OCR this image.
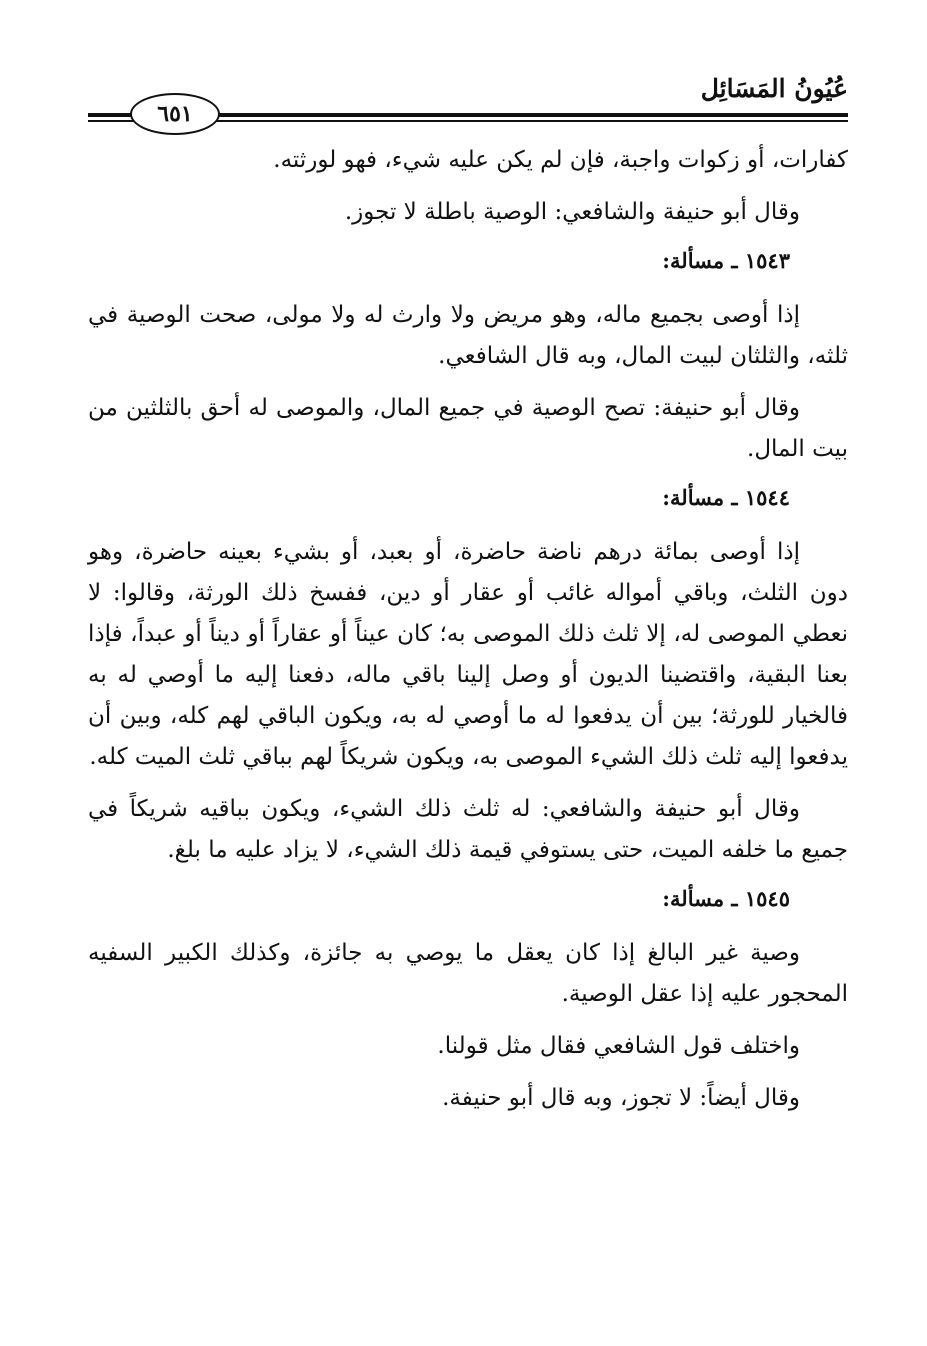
عُيُونُ المَسَائِل
٦٥١

كفارات، أو زكوات واجبة، فإن لم يكن عليه شيء، فهو لورثته.

وقال أبو حنيفة والشافعي: الوصية باطلة لا تجوز.

١٥٤٣ ـ مسألة:

إذا أوصى بجميع ماله، وهو مريض ولا وارث له ولا مولى، صحت الوصية في ثلثه، والثلثان لبيت المال، وبه قال الشافعي.

وقال أبو حنيفة: تصح الوصية في جميع المال، والموصى له أحق بالثلثين من بيت المال.

١٥٤٤ ـ مسألة:

إذا أوصى بمائة درهم ناضة حاضرة، أو بعبد، أو بشيء بعينه حاضرة، وهو دون الثلث، وباقي أمواله غائب أو عقار أو دين، ففسخ ذلك الورثة، وقالوا: لا نعطي الموصى له، إلا ثلث ذلك الموصى به؛ كان عيناً أو عقاراً أو ديناً أو عبداً، فإذا بعنا البقية، واقتضينا الديون أو وصل إلينا باقي ماله، دفعنا إليه ما أوصي له به فالخيار للورثة؛ بين أن يدفعوا له ما أوصي له به، ويكون الباقي لهم كله، وبين أن يدفعوا إليه ثلث ذلك الشيء الموصى به، ويكون شريكاً لهم بباقي ثلث الميت كله.

وقال أبو حنيفة والشافعي: له ثلث ذلك الشيء، ويكون بباقيه شريكاً في جميع ما خلفه الميت، حتى يستوفي قيمة ذلك الشيء، لا يزاد عليه ما بلغ.

١٥٤٥ ـ مسألة:

وصية غير البالغ إذا كان يعقل ما يوصي به جائزة، وكذلك الكبير السفيه المحجور عليه إذا عقل الوصية.

واختلف قول الشافعي فقال مثل قولنا.

وقال أيضاً: لا تجوز، وبه قال أبو حنيفة.
